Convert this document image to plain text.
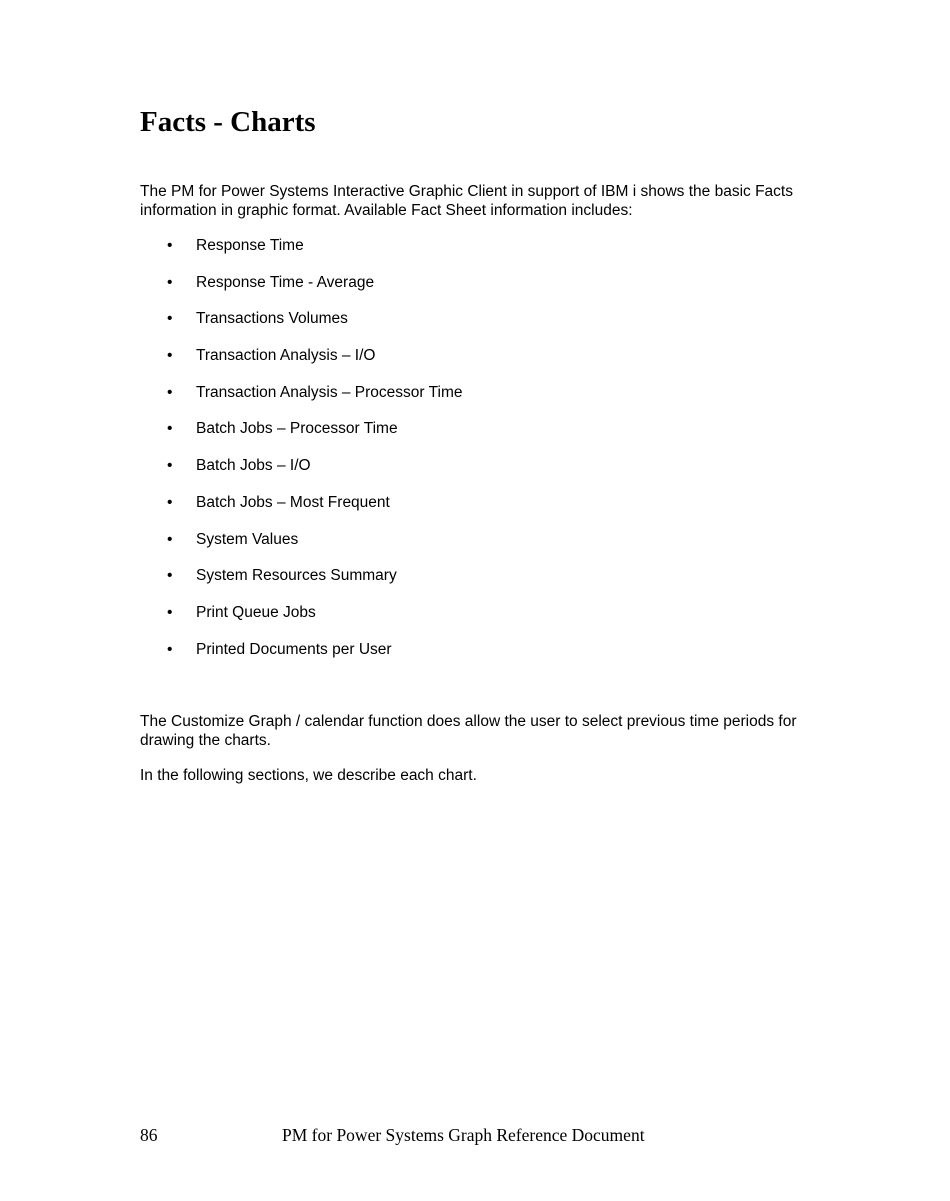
Facts - Charts

The PM for Power Systems Interactive Graphic Client in support of IBM i shows the basic Facts information in graphic format. Available Fact Sheet information includes:

• Response Time
• Response Time - Average
• Transactions Volumes
• Transaction Analysis – I/O
• Transaction Analysis – Processor Time
• Batch Jobs – Processor Time
• Batch Jobs – I/O
• Batch Jobs – Most Frequent
• System Values
• System Resources Summary
• Print Queue Jobs
• Printed Documents per User

The Customize Graph / calendar function does allow the user to select previous time periods for drawing the charts.

In the following sections, we describe each chart.

86	PM for Power Systems Graph Reference Document
